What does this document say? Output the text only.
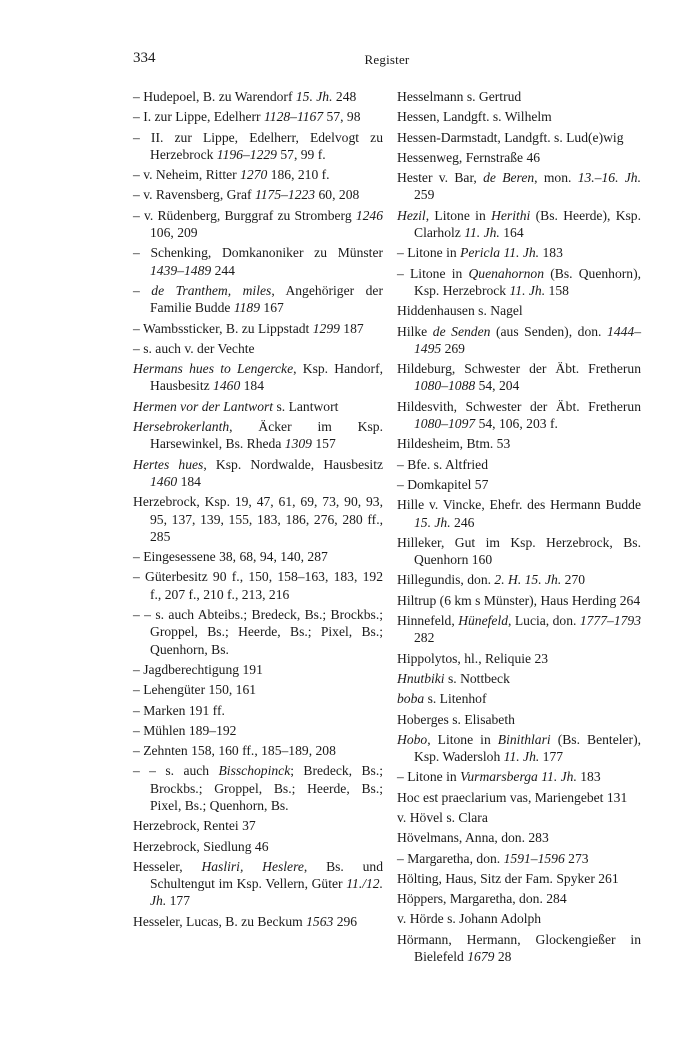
334	Register
– Hudepoel, B. zu Warendorf 15. Jh. 248
– I. zur Lippe, Edelherr 1128–1167 57, 98
– II. zur Lippe, Edelherr, Edelvogt zu Herzebrock 1196–1229 57, 99 f.
– v. Neheim, Ritter 1270 186, 210 f.
– v. Ravensberg, Graf 1175–1223 60, 208
– v. Rüdenberg, Burggraf zu Stromberg 1246 106, 209
– Schenking, Domkanoniker zu Münster 1439–1489 244
– de Tranthem, miles, Angehöriger der Familie Budde 1189 167
– Wambssticker, B. zu Lippstadt 1299 187
– s. auch v. der Vechte
Hermans hues to Lengercke, Ksp. Handorf, Hausbesitz 1460 184
Hermen vor der Lantwort s. Lantwort
Hersebrokerlanth, Äcker im Ksp. Harsewinkel, Bs. Rheda 1309 157
Hertes hues, Ksp. Nordwalde, Hausbesitz 1460 184
Herzebrock, Ksp. 19, 47, 61, 69, 73, 90, 93, 95, 137, 139, 155, 183, 186, 276, 280 ff., 285
– Eingesessene 38, 68, 94, 140, 287
– Güterbesitz 90 f., 150, 158–163, 183, 192 f., 207 f., 210 f., 213, 216
– – s. auch Abteibs.; Bredeck, Bs.; Brockbs.; Groppel, Bs.; Heerde, Bs.; Pixel, Bs.; Quenhorn, Bs.
– Jagdberechtigung 191
– Lehengüter 150, 161
– Marken 191 ff.
– Mühlen 189–192
– Zehnten 158, 160 ff., 185–189, 208
– – s. auch Bisschopinck; Bredeck, Bs.; Brockbs.; Groppel, Bs.; Heerde, Bs.; Pixel, Bs.; Quenhorn, Bs.
Herzebrock, Rentei 37
Herzebrock, Siedlung 46
Hesseler, Hasliri, Heslere, Bs. und Schultengut im Ksp. Vellern, Güter 11./12. Jh. 177
Hesseler, Lucas, B. zu Beckum 1563 296
Hesselmann s. Gertrud
Hessen, Landgft. s. Wilhelm
Hessen-Darmstadt, Landgft. s. Lud(e)wig
Hessenweg, Fernstraße 46
Hester v. Bar, de Beren, mon. 13.–16. Jh. 259
Hezil, Litone in Herithi (Bs. Heerde), Ksp. Clarholz 11. Jh. 164
– Litone in Pericla 11. Jh. 183
– Litone in Quenahornon (Bs. Quenhorn), Ksp. Herzebrock 11. Jh. 158
Hiddenhausen s. Nagel
Hilke de Senden (aus Senden), don. 1444–1495 269
Hildeburg, Schwester der Äbt. Fretherun 1080–1088 54, 204
Hildesvith, Schwester der Äbt. Fretherun 1080–1097 54, 106, 203 f.
Hildesheim, Btm. 53
– Bfe. s. Altfried
– Domkapitel 57
Hille v. Vincke, Ehefr. des Hermann Budde 15. Jh. 246
Hilleker, Gut im Ksp. Herzebrock, Bs. Quenhorn 160
Hillegundis, don. 2. H. 15. Jh. 270
Hiltrup (6 km s Münster), Haus Herding 264
Hinnefeld, Hünefeld, Lucia, don. 1777–1793 282
Hippolytos, hl., Reliquie 23
Hnutbiki s. Nottbeck
boba s. Litenhof
Hoberges s. Elisabeth
Hobo, Litone in Binithlari (Bs. Benteler), Ksp. Wadersloh 11. Jh. 177
– Litone in Vurmarsberga 11. Jh. 183
Hoc est praeclarium vas, Mariengebet 131
v. Hövel s. Clara
Hövelmans, Anna, don. 283
– Margaretha, don. 1591–1596 273
Hölting, Haus, Sitz der Fam. Spyker 261
Höppers, Margaretha, don. 284
v. Hörde s. Johann Adolph
Hörmann, Hermann, Glockengießer in Bielefeld 1679 28
